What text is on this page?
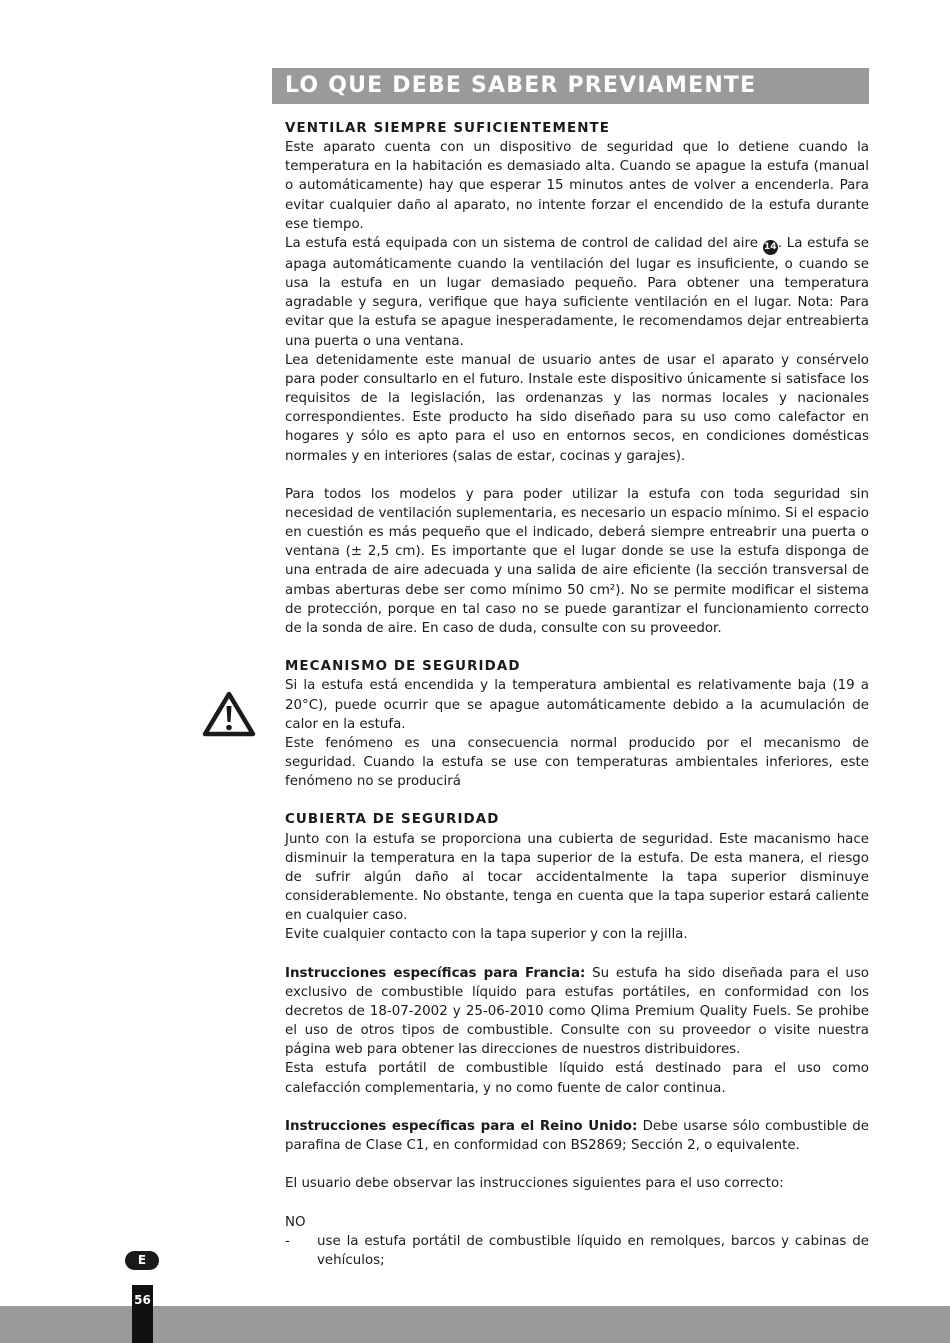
LO QUE DEBE SABER PREVIAMENTE
VENTILAR SIEMPRE SUFICIENTEMENTE

Este aparato cuenta con un dispositivo de seguridad que lo detiene cuando la temperatura en la habitación es demasiado alta. Cuando se apague la estufa (manual o automáticamente) hay que esperar 15 minutos antes de volver a encenderla. Para evitar cualquier daño al aparato, no intente forzar el encendido de la estufa durante ese tiempo.

La estufa está equipada con un sistema de control de calidad del aire 14. La estufa se apaga automáticamente cuando la ventilación del lugar es insuficiente, o cuando se usa la estufa en un lugar demasiado pequeño. Para obtener una temperatura agradable y segura, verifique que haya suficiente ventilación en el lugar. Nota: Para evitar que la estufa se apague inesperadamente, le recomendamos dejar entreabierta una puerta o una ventana.

Lea detenidamente este manual de usuario antes de usar el aparato y consérvelo para poder consultarlo en el futuro. Instale este dispositivo únicamente si satisface los requisitos de la legislación, las ordenanzas y las normas locales y nacionales correspondientes. Este producto ha sido diseñado para su uso como calefactor en hogares y sólo es apto para el uso en entornos secos, en condiciones domésticas normales y en interiores (salas de estar, cocinas y garajes).

Para todos los modelos y para poder utilizar la estufa con toda seguridad sin necesidad de ventilación suplementaria, es necesario un espacio mínimo. Si el espacio en cuestión es más pequeño que el indicado, deberá siempre entreabrir una puerta o ventana (± 2,5 cm). Es importante que el lugar donde se use la estufa disponga de una entrada de aire adecuada y una salida de aire eficiente (la sección transversal de ambas aberturas debe ser como mínimo 50 cm²). No se permite modificar el sistema de protección, porque en tal caso no se puede garantizar el funcionamiento correcto de la sonda de aire. En caso de duda, consulte con su proveedor.

MECANISMO DE SEGURIDAD

Si la estufa está encendida y la temperatura ambiental es relativamente baja (19 a 20°C), puede ocurrir que se apague automáticamente debido a la acumulación de calor en la estufa.

Este fenómeno es una consecuencia normal producido por el mecanismo de seguridad. Cuando la estufa se use con temperaturas ambientales inferiores, este fenómeno no se producirá

CUBIERTA DE SEGURIDAD

Junto con la estufa se proporciona una cubierta de seguridad. Este macanismo hace disminuir la temperatura en la tapa superior de la estufa. De esta manera, el riesgo de sufrir algún daño al tocar accidentalmente la tapa superior disminuye considerablemente. No obstante, tenga en cuenta que la tapa superior estará caliente en cualquier caso.

Evite cualquier contacto con la tapa superior y con la rejilla.

Instrucciones específicas para Francia: Su estufa ha sido diseñada para el uso exclusivo de combustible líquido para estufas portátiles, en conformidad con los decretos de 18-07-2002 y 25-06-2010 como Qlima Premium Quality Fuels. Se prohibe el uso de otros tipos de combustible. Consulte con su proveedor o visite nuestra página web para obtener las direcciones de nuestros distribuidores.

Esta estufa portátil de combustible líquido está destinado para el uso como calefacción complementaria, y no como fuente de calor continua.

Instrucciones específicas para el Reino Unido: Debe usarse sólo combustible de parafina de Clase C1, en conformidad con BS2869; Sección 2, o equivalente.

El usuario debe observar las instrucciones siguientes para el uso correcto:

NO

- use la estufa portátil de combustible líquido en remolques, barcos y cabinas de vehículos;
E
56
